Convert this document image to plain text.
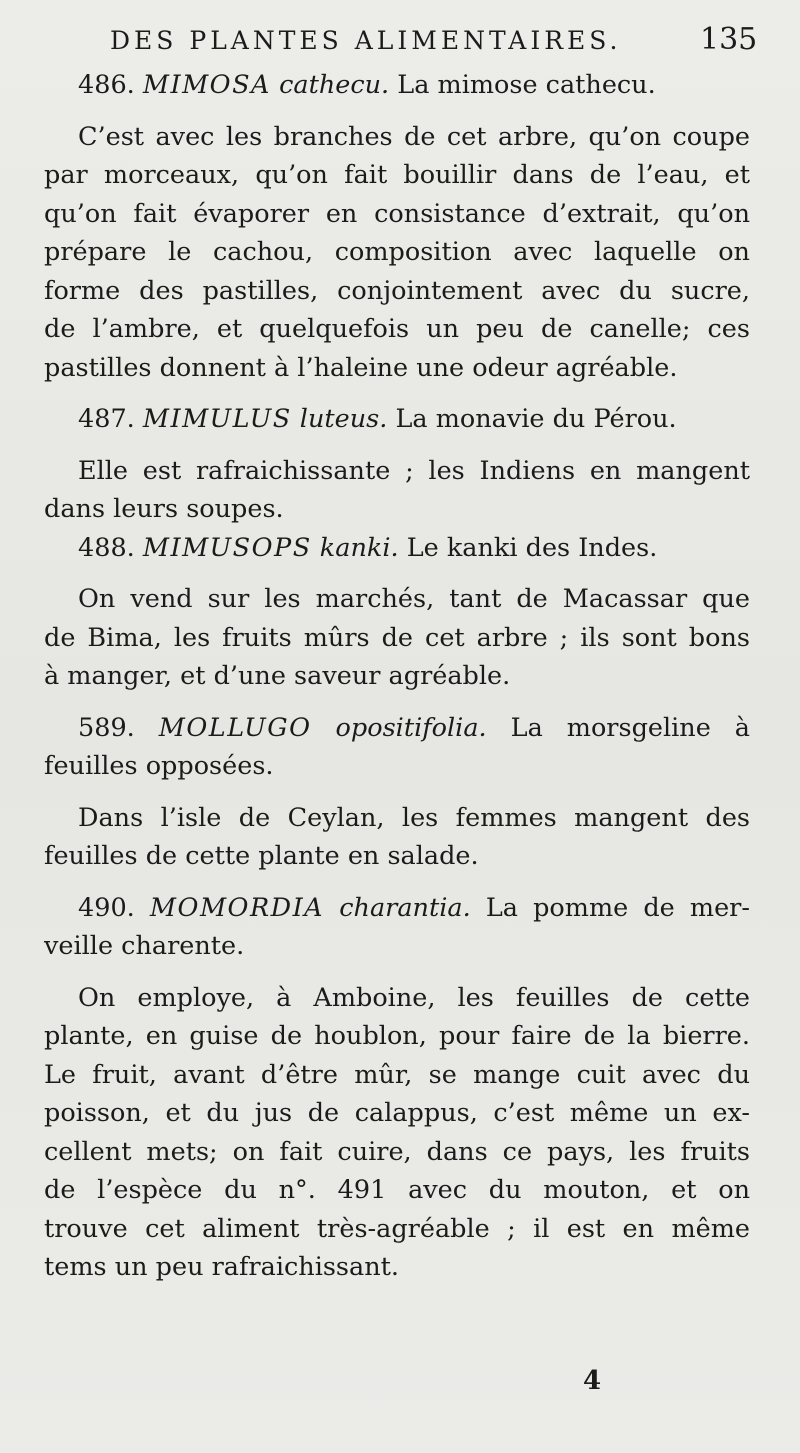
DES PLANTES ALIMENTAIRES.	135

486. MIMOSA cathecu. La mimose cathecu.

C’est avec les branches de cet arbre, qu’on coupe

par morceaux, qu’on fait bouillir dans de l’eau, et

qu’on fait évaporer en consistance d’extrait, qu’on

prépare le cachou, composition avec laquelle on

forme des pastilles, conjointement avec du sucre,

de l’ambre, et quelquefois un peu de canelle; ces

pastilles donnent à l’haleine une odeur agréable.

487. MIMULUS luteus. La monavie du Pérou.

Elle est rafraichissante ; les Indiens en mangent

dans leurs soupes.

488. MIMUSOPS kanki. Le kanki des Indes.

On vend sur les marchés, tant de Macassar que

de Bima, les fruits mûrs de cet arbre ; ils sont bons

à manger, et d’une saveur agréable.

589. MOLLUGO opositifolia. La morsgeline à

feuilles opposées.

Dans l’isle de Ceylan, les femmes mangent des

feuilles de cette plante en salade.

490. MOMORDIA charantia. La pomme de mer-

veille charente.

On employe, à Amboine, les feuilles de cette

plante, en guise de houblon, pour faire de la bierre.

Le fruit, avant d’être mûr, se mange cuit avec du

poisson, et du jus de calappus, c’est même un ex-

cellent mets; on fait cuire, dans ce pays, les fruits

de l’espèce du n°. 491 avec du mouton, et on

trouve cet aliment très-agréable ; il est en même

tems un peu rafraichissant.

4
